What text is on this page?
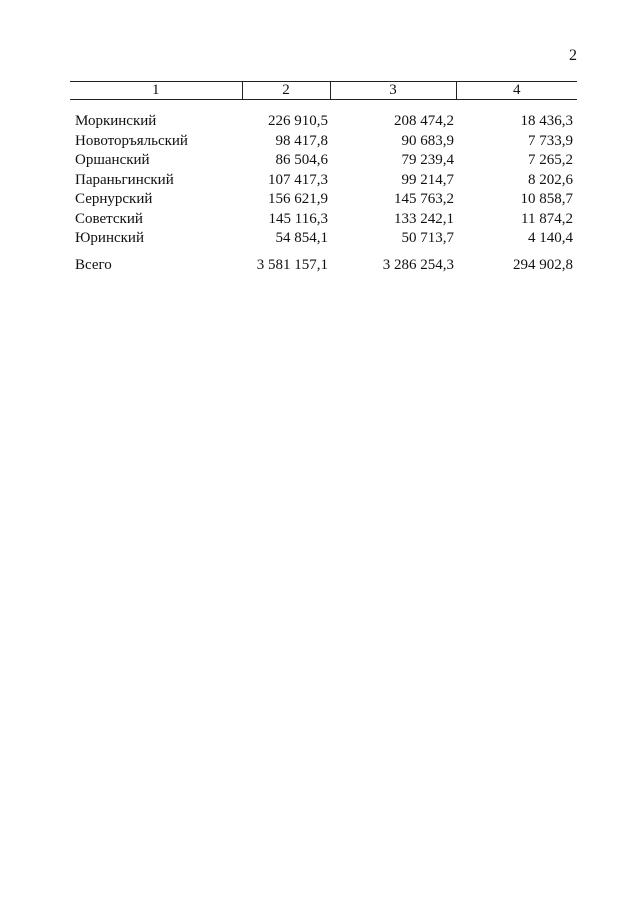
2
1	2	3	4

Моркинский	226 910,5	208 474,2	18 436,3
Новоторъяльский	98 417,8	90 683,9	7 733,9
Оршанский	86 504,6	79 239,4	7 265,2
Параньгинский	107 417,3	99 214,7	8 202,6
Сернурский	156 621,9	145 763,2	10 858,7
Советский	145 116,3	133 242,1	11 874,2
Юринский	54 854,1	50 713,7	4 140,4

Всего	3 581 157,1	3 286 254,3	294 902,8
